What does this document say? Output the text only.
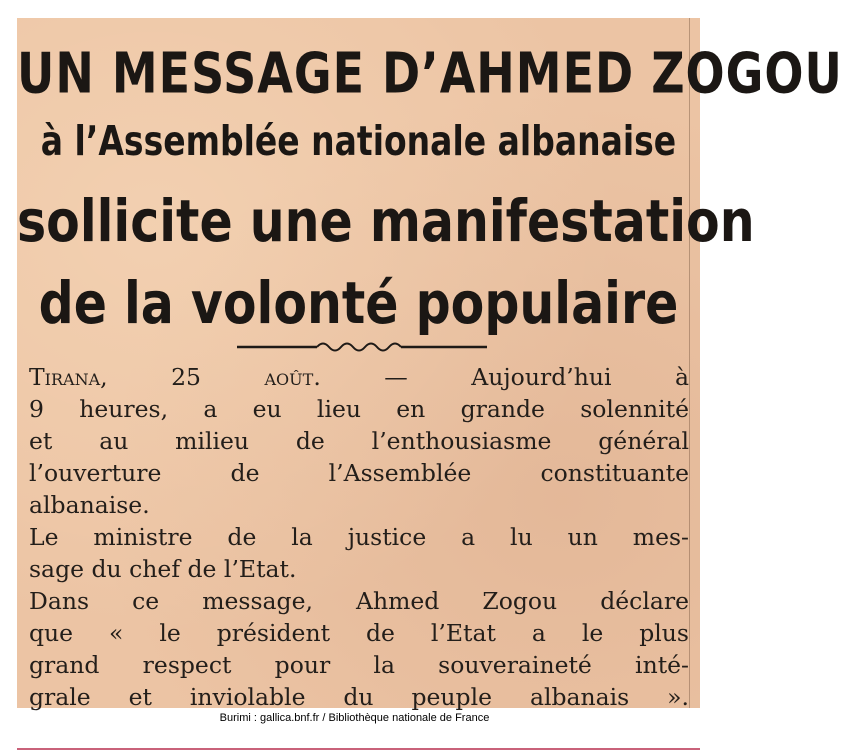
UN MESSAGE D’AHMED ZOGOU
à l’Assemblée nationale albanaise
sollicite une manifestation
de la volonté populaire
Tirana, 25 août.	— Aujourd’hui à
9 heures, a eu lieu en grande solennité
et au milieu de l’enthousiasme général
l’ouverture de l’Assemblée constituante
albanaise.
Le ministre de la justice a lu un mes-
sage du chef de l’Etat.
Dans ce message, Ahmed Zogou déclare
que « le président de l’Etat a le plus
grand respect pour la souveraineté inté-
grale et inviolable du peuple albanais ».
Burimi : gallica.bnf.fr / Bibliothèque nationale de France
